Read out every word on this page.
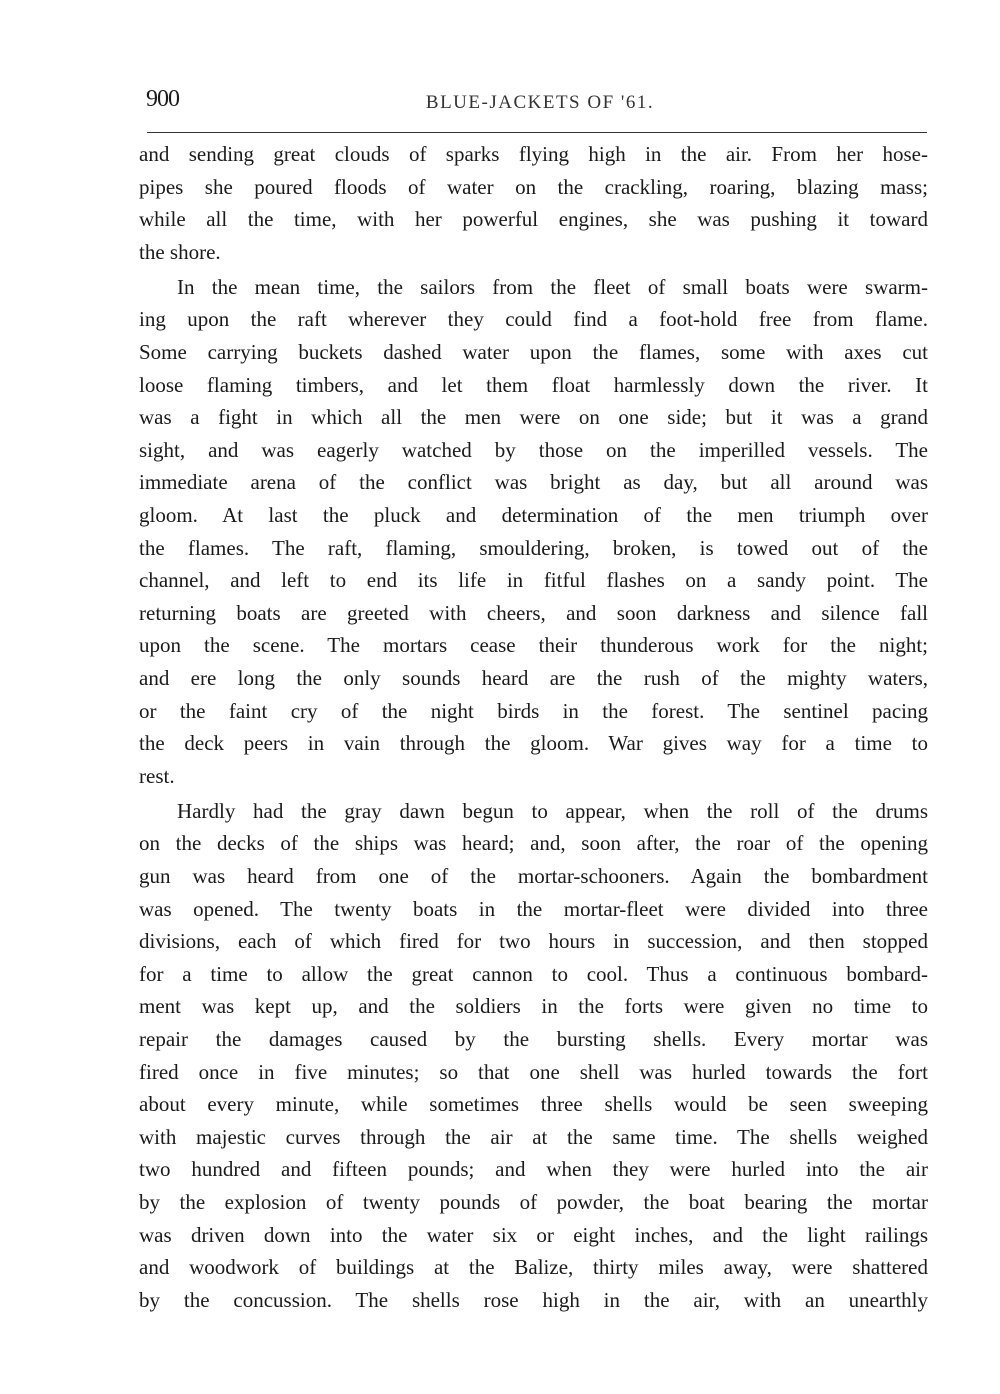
900	BLUE-JACKETS OF '61.
and sending great clouds of sparks flying high in the air. From her hose-
pipes she poured floods of water on the crackling, roaring, blazing mass;
while all the time, with her powerful engines, she was pushing it toward
the shore.
In the mean time, the sailors from the fleet of small boats were swarm-
ing upon the raft wherever they could find a foot-hold free from flame.
Some carrying buckets dashed water upon the flames, some with axes cut
loose flaming timbers, and let them float harmlessly down the river. It
was a fight in which all the men were on one side; but it was a grand
sight, and was eagerly watched by those on the imperilled vessels. The
immediate arena of the conflict was bright as day, but all around was
gloom. At last the pluck and determination of the men triumph over
the flames. The raft, flaming, smouldering, broken, is towed out of the
channel, and left to end its life in fitful flashes on a sandy point. The
returning boats are greeted with cheers, and soon darkness and silence fall
upon the scene. The mortars cease their thunderous work for the night;
and ere long the only sounds heard are the rush of the mighty waters,
or the faint cry of the night birds in the forest. The sentinel pacing
the deck peers in vain through the gloom. War gives way for a time to
rest.
Hardly had the gray dawn begun to appear, when the roll of the drums
on the decks of the ships was heard; and, soon after, the roar of the opening
gun was heard from one of the mortar-schooners. Again the bombardment
was opened. The twenty boats in the mortar-fleet were divided into three
divisions, each of which fired for two hours in succession, and then stopped
for a time to allow the great cannon to cool. Thus a continuous bombard-
ment was kept up, and the soldiers in the forts were given no time to
repair the damages caused by the bursting shells. Every mortar was
fired once in five minutes; so that one shell was hurled towards the fort
about every minute, while sometimes three shells would be seen sweeping
with majestic curves through the air at the same time. The shells weighed
two hundred and fifteen pounds; and when they were hurled into the air
by the explosion of twenty pounds of powder, the boat bearing the mortar
was driven down into the water six or eight inches, and the light railings
and woodwork of buildings at the Balize, thirty miles away, were shattered
by the concussion. The shells rose high in the air, with an unearthly
